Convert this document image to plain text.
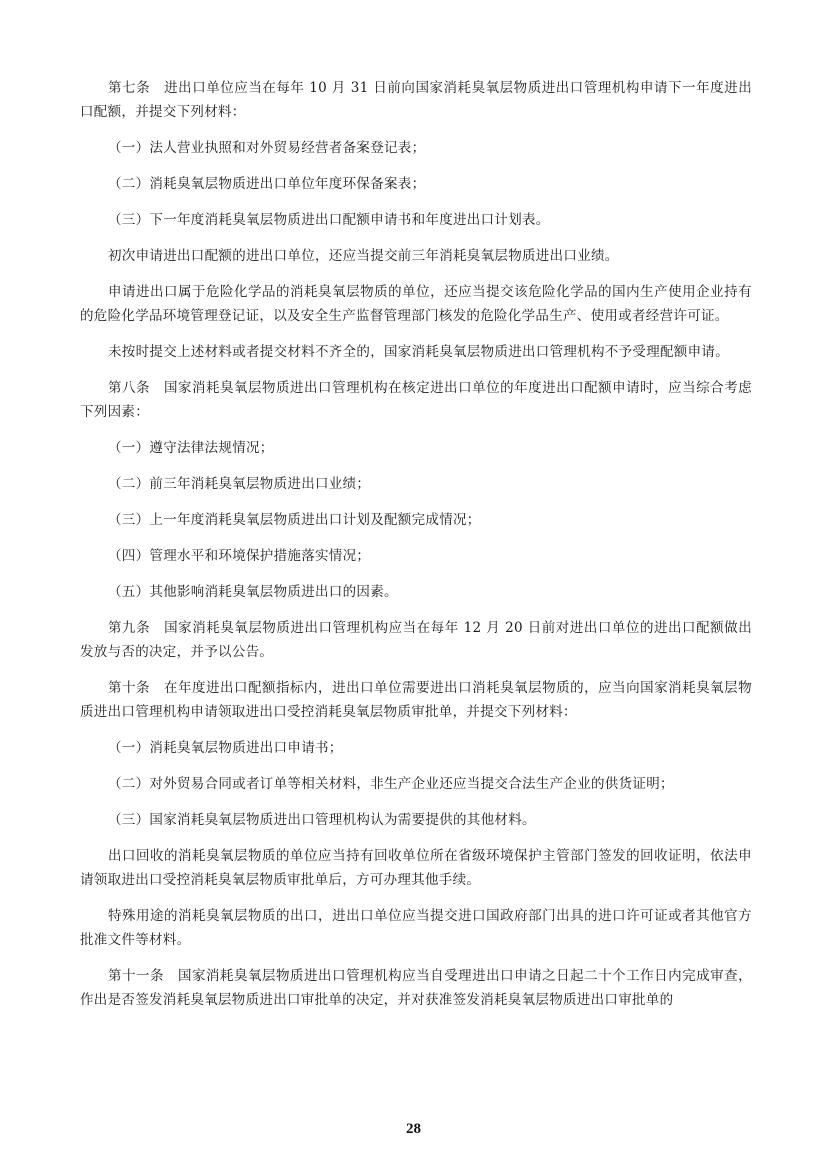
第七条　进出口单位应当在每年 10 月 31 日前向国家消耗臭氧层物质进出口管理机构申请下一年度进出口配额，并提交下列材料：

（一）法人营业执照和对外贸易经营者备案登记表；

（二）消耗臭氧层物质进出口单位年度环保备案表；

（三）下一年度消耗臭氧层物质进出口配额申请书和年度进出口计划表。

初次申请进出口配额的进出口单位，还应当提交前三年消耗臭氧层物质进出口业绩。

申请进出口属于危险化学品的消耗臭氧层物质的单位，还应当提交该危险化学品的国内生产使用企业持有的危险化学品环境管理登记证，以及安全生产监督管理部门核发的危险化学品生产、使用或者经营许可证。

未按时提交上述材料或者提交材料不齐全的，国家消耗臭氧层物质进出口管理机构不予受理配额申请。

第八条　国家消耗臭氧层物质进出口管理机构在核定进出口单位的年度进出口配额申请时，应当综合考虑下列因素：

（一）遵守法律法规情况；

（二）前三年消耗臭氧层物质进出口业绩；

（三）上一年度消耗臭氧层物质进出口计划及配额完成情况；

（四）管理水平和环境保护措施落实情况；

（五）其他影响消耗臭氧层物质进出口的因素。

第九条　国家消耗臭氧层物质进出口管理机构应当在每年 12 月 20 日前对进出口单位的进出口配额做出发放与否的决定，并予以公告。

第十条　在年度进出口配额指标内，进出口单位需要进出口消耗臭氧层物质的，应当向国家消耗臭氧层物质进出口管理机构申请领取进出口受控消耗臭氧层物质审批单，并提交下列材料：

（一）消耗臭氧层物质进出口申请书；

（二）对外贸易合同或者订单等相关材料，非生产企业还应当提交合法生产企业的供货证明；

（三）国家消耗臭氧层物质进出口管理机构认为需要提供的其他材料。

出口回收的消耗臭氧层物质的单位应当持有回收单位所在省级环境保护主管部门签发的回收证明，依法申请领取进出口受控消耗臭氧层物质审批单后，方可办理其他手续。

特殊用途的消耗臭氧层物质的出口，进出口单位应当提交进口国政府部门出具的进口许可证或者其他官方批准文件等材料。

第十一条　国家消耗臭氧层物质进出口管理机构应当自受理进出口申请之日起二十个工作日内完成审查，作出是否签发消耗臭氧层物质进出口审批单的决定，并对获准签发消耗臭氧层物质进出口审批单的

28
